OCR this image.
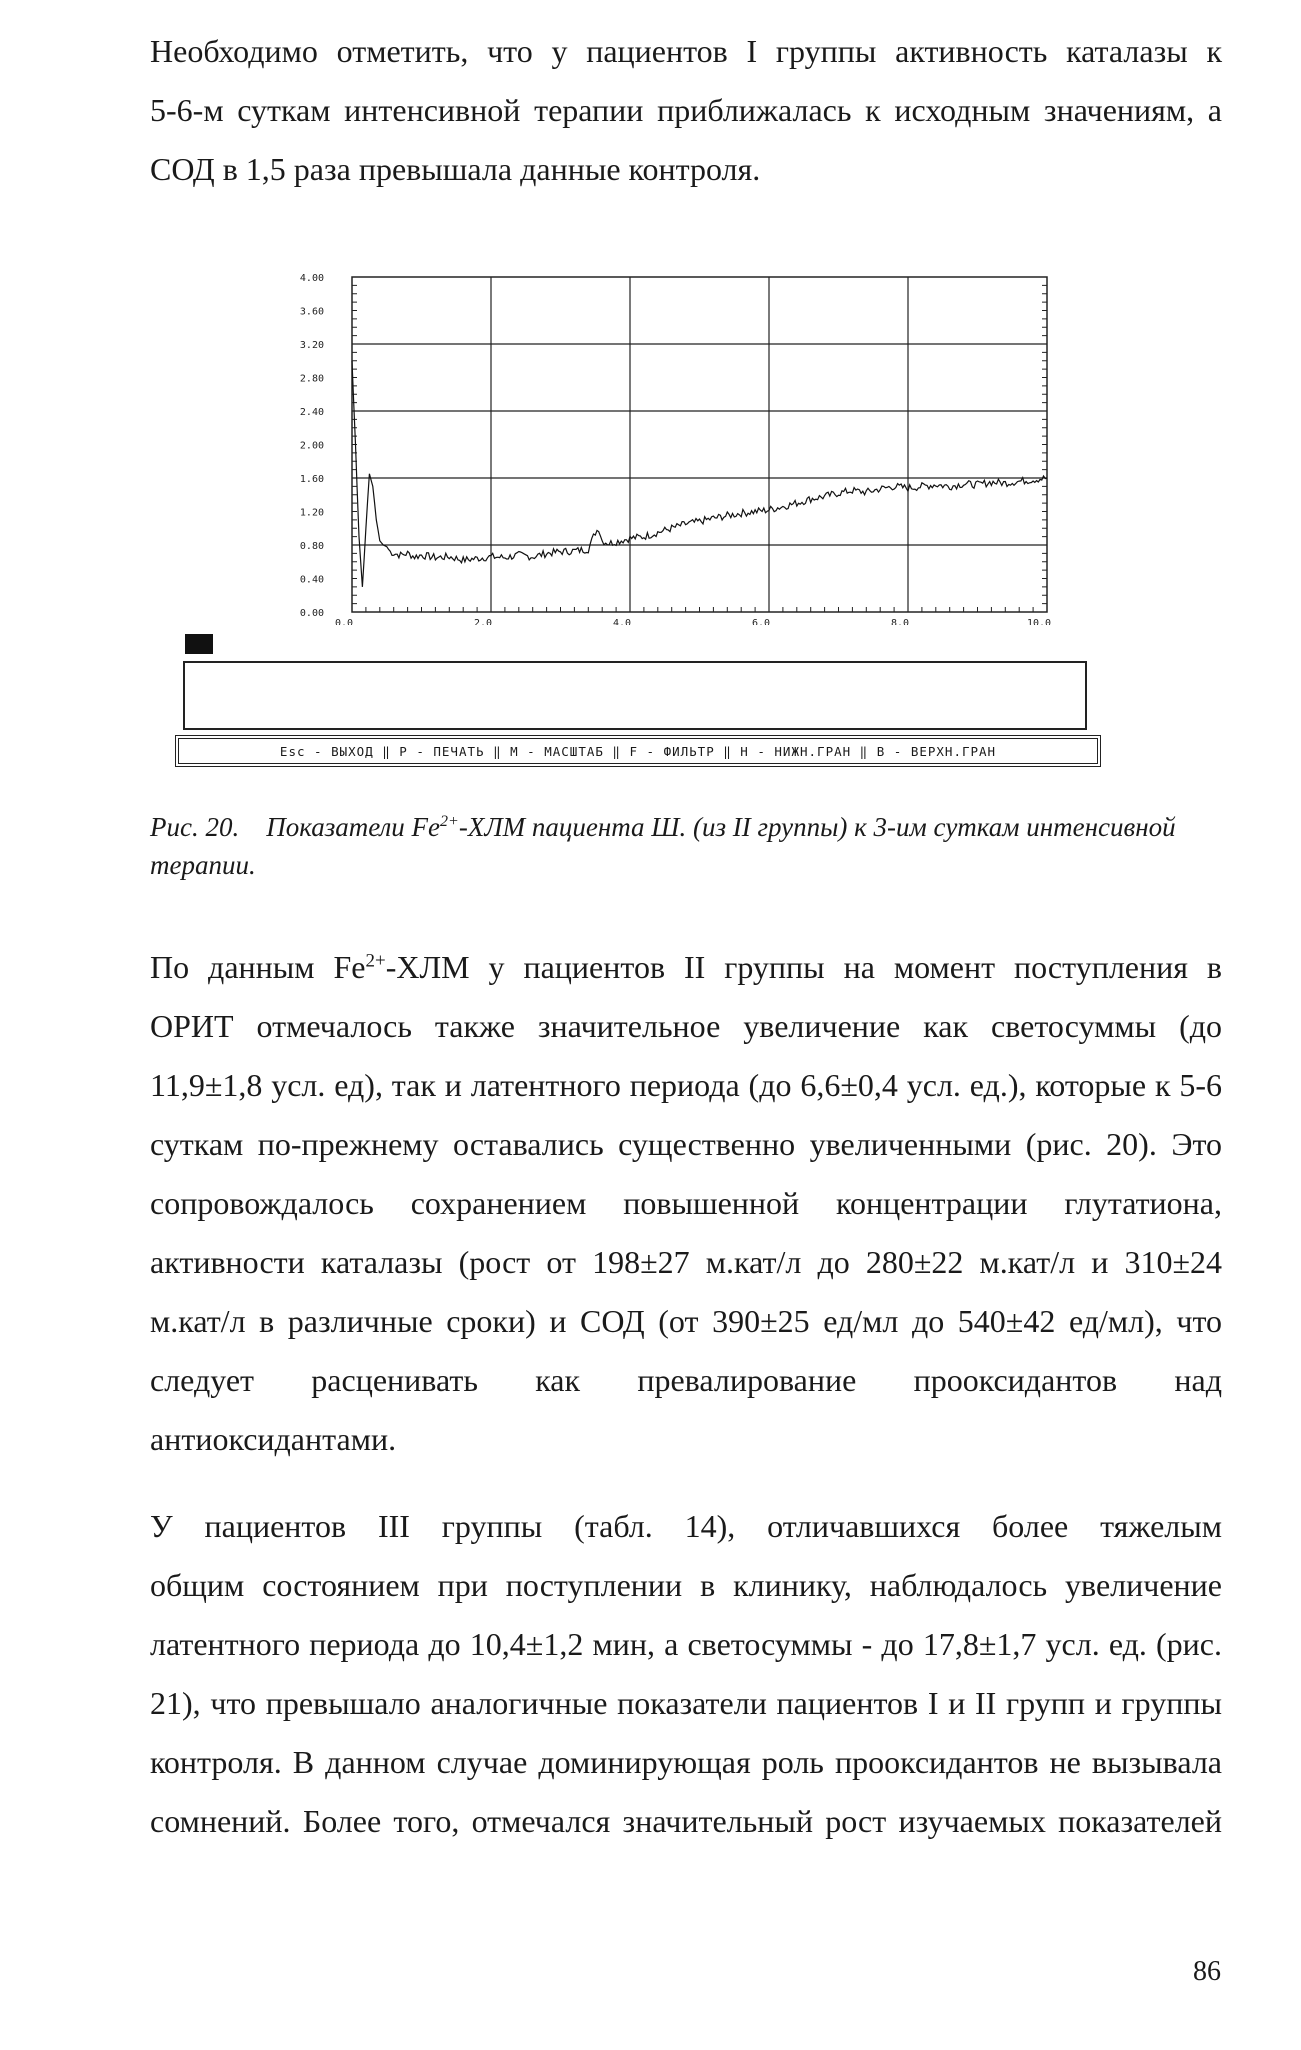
Необходимо отметить, что у пациентов I группы активность каталазы к
5-6-м суткам интенсивной терапии приближалась к исходным значениям, а
СОД в 1,5 раза превышала данные контроля.
4.00
3.60
3.20
2.80
2.40
2.00
1.60
1.20
0.80
0.40
0.00
0.0	2.0	4.0	6.0	8.0	10.0
Esc - ВЫХОД ‖ P - ПЕЧАТЬ ‖ M - МАСШТАБ ‖ F - ФИЛЬТР ‖ H - НИЖН.ГРАН ‖ B - ВЕРХН.ГРАН
Рис. 20. Показатели $Fe^{2+}$-ХЛМ пациента Ш. (из II группы) к 3-им суткам интенсивной терапии.
По данным $Fe^{2+}$-ХЛМ у пациентов II группы на момент поступления в
ОРИТ отмечалось также значительное увеличение как светосуммы (до
11,9±1,8 усл. ед), так и латентного периода (до 6,6±0,4 усл. ед.), которые к 5-6
суткам по-прежнему оставались существенно увеличенными (рис. 20). Это
сопровождалось сохранением повышенной концентрации глутатиона,
активности каталазы (рост от 198±27 м.кат/л до 280±22 м.кат/л и 310±24
м.кат/л в различные сроки) и СОД (от 390±25 ед/мл до 540±42 ед/мл), что
следует расценивать как превалирование прооксидантов над
антиоксидантами.
У пациентов III группы (табл. 14), отличавшихся более тяжелым
общим состоянием при поступлении в клинику, наблюдалось увеличение
латентного периода до 10,4±1,2 мин, а светосуммы - до 17,8±1,7 усл. ед. (рис.
21), что превышало аналогичные показатели пациентов I и II групп и группы
контроля. В данном случае доминирующая роль прооксидантов не вызывала
сомнений. Более того, отмечался значительный рост изучаемых показателей
86
